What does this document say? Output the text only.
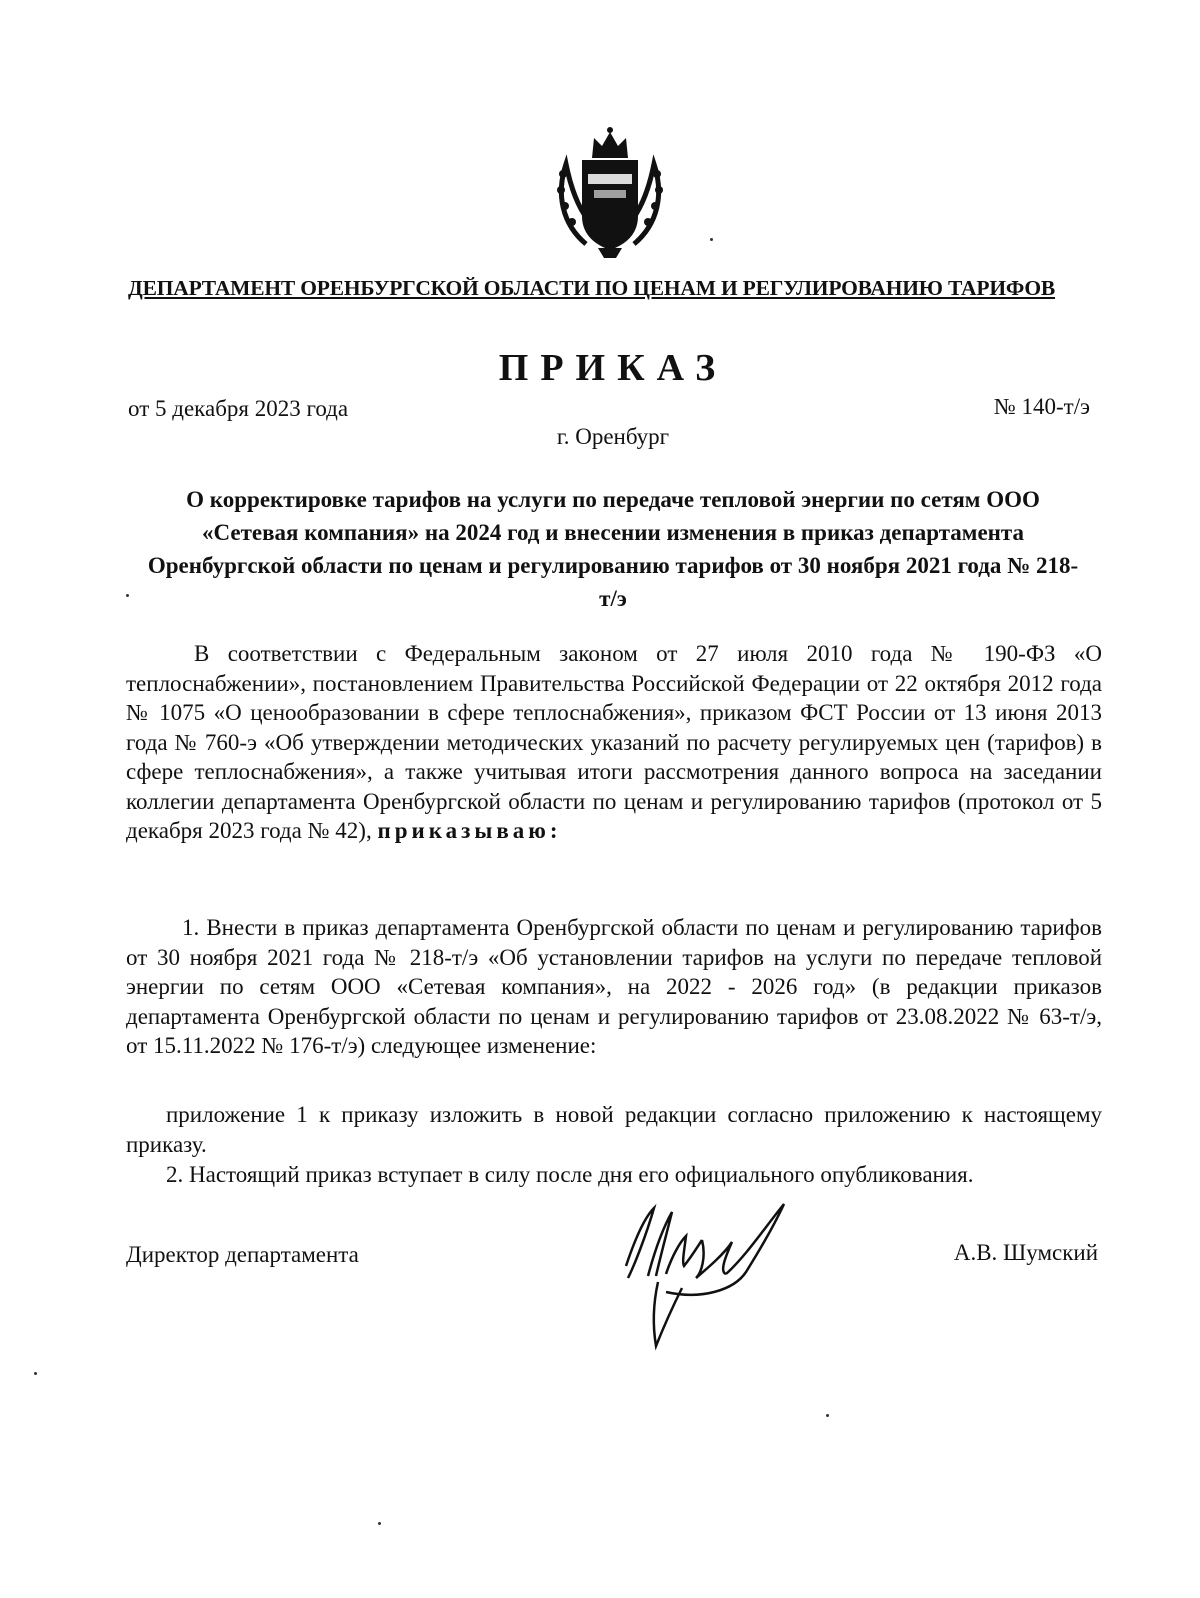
ДЕПАРТАМЕНТ ОРЕНБУРГСКОЙ ОБЛАСТИ ПО ЦЕНАМ И РЕГУЛИРОВАНИЮ ТАРИФОВ
ПРИКАЗ
от 5 декабря 2023 года	№ 140-т/э
г. Оренбург
О корректировке тарифов на услуги по передаче тепловой энергии по сетям ООО «Сетевая компания» на 2024 год и внесении изменения в приказ департамента Оренбургской области по ценам и регулированию тарифов от 30 ноября 2021 года № 218-т/э
В соответствии с Федеральным законом от 27 июля 2010 года № 190-ФЗ «О теплоснабжении», постановлением Правительства Российской Федерации от 22 октября 2012 года № 1075 «О ценообразовании в сфере теплоснабжения», приказом ФСТ России от 13 июня 2013 года № 760-э «Об утверждении методических указаний по расчету регулируемых цен (тарифов) в сфере теплоснабжения», а также учитывая итоги рассмотрения данного вопроса на заседании коллегии департамента Оренбургской области по ценам и регулированию тарифов (протокол от 5 декабря 2023 года № 42), приказываю:
1. Внести в приказ департамента Оренбургской области по ценам и регулированию тарифов от 30 ноября 2021 года № 218-т/э «Об установлении тарифов на услуги по передаче тепловой энергии по сетям ООО «Сетевая компания», на 2022 - 2026 год» (в редакции приказов департамента Оренбургской области по ценам и регулированию тарифов от 23.08.2022 № 63-т/э, от 15.11.2022 № 176-т/э) следующее изменение:
приложение 1 к приказу изложить в новой редакции согласно приложению к настоящему приказу.
2. Настоящий приказ вступает в силу после дня его официального опубликования.
Директор департамента	А.В. Шумский
